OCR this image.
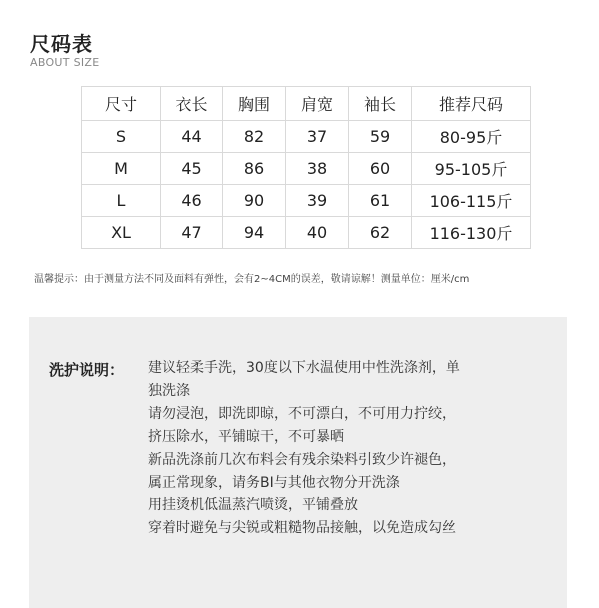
尺码表
ABOUT SIZE
尺寸	衣长	胸围	肩宽	袖长	推荐尺码
S	44	82	37	59	80-95斤
M	45	86	38	60	95-105斤
L	46	90	39	61	106-115斤
XL	47	94	40	62	116-130斤
温馨提示：由于测量方法不同及面料有弹性，会有2~4CM的误差，敬请谅解！测量单位：厘米/cm
洗护说明： 建议轻柔手洗，30度以下水温使用中性洗涤剂，单
独洗涤
请勿浸泡，即洗即晾，不可漂白，不可用力拧绞，
挤压除水，平铺晾干，不可暴晒
新品洗涤前几次布料会有残余染料引致少许褪色，
属正常现象，请务BI与其他衣物分开洗涤
用挂烫机低温蒸汽喷烫，平铺叠放
穿着时避免与尖锐或粗糙物品接触，以免造成勾丝
